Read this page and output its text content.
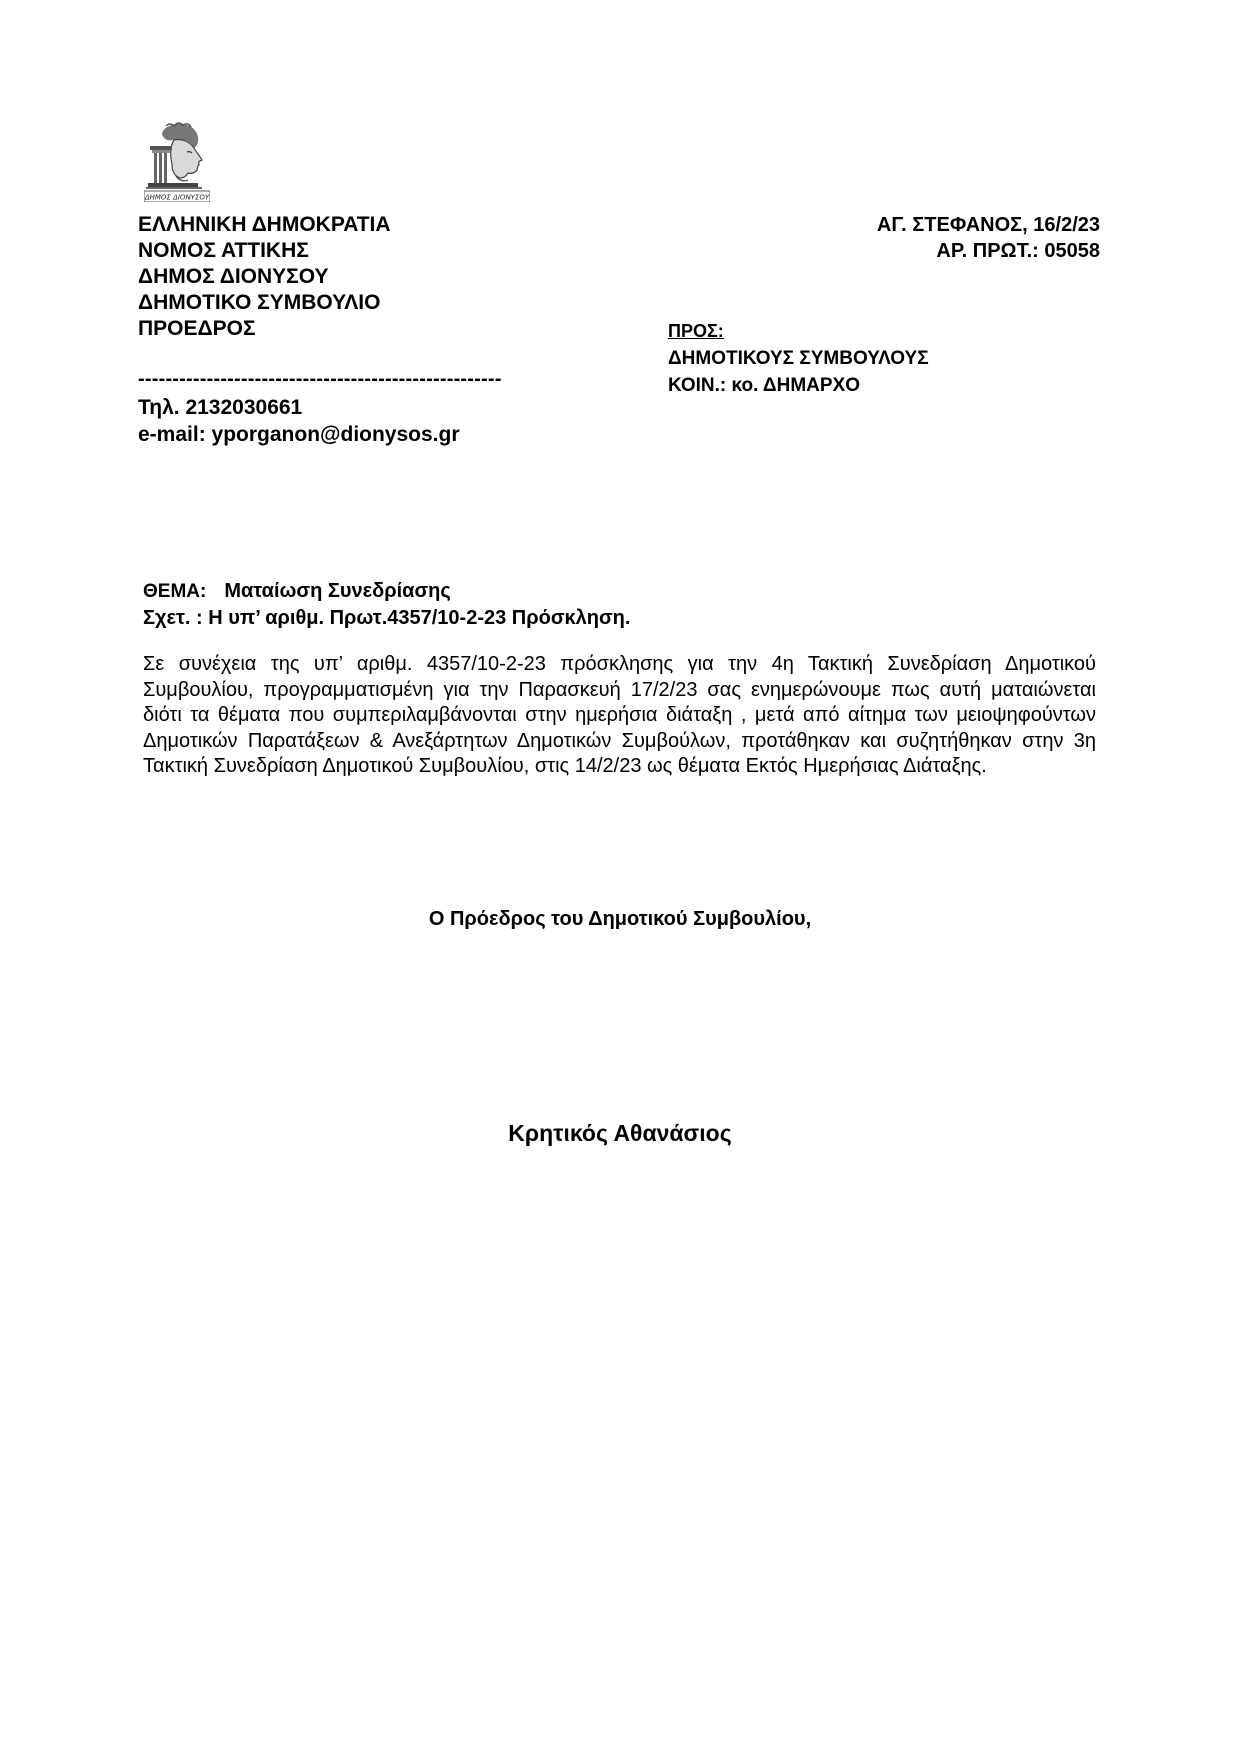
ΔΗΜΟΣ ΔΙΟΝΥΣΟΥ
ΕΛΛΗΝΙΚΗ ΔΗΜΟΚΡΑΤΙΑ
ΝΟΜΟΣ ΑΤΤΙΚΗΣ
ΔΗΜΟΣ ΔΙΟΝΥΣΟΥ
ΔΗΜΟΤΙΚΟ ΣΥΜΒΟΥΛΙΟ
ΠΡΟΕΔΡΟΣ
ΑΓ. ΣΤΕΦΑΝΟΣ, 16/2/23
ΑΡ. ΠΡΩΤ.: 05058
ΠΡΟΣ:
ΔΗΜΟΤΙΚΟΥΣ ΣΥΜΒΟΥΛΟΥΣ
ΚΟΙΝ.: κο. ΔΗΜΑΡΧΟ
-----------------------------------------------------
Τηλ. 2132030661
e-mail: yporganon@dionysos.gr
ΘΕΜΑ: Ματαίωση Συνεδρίασης
Σχετ. : Η υπ’ αριθμ. Πρωτ.4357/10-2-23 Πρόσκληση.
Σε συνέχεια της υπ’ αριθμ. 4357/10-2-23 πρόσκλησης για την 4η Τακτική Συνεδρίαση Δημοτικού Συμβουλίου, προγραμματισμένη για την Παρασκευή 17/2/23 σας ενημερώνουμε πως αυτή ματαιώνεται διότι τα θέματα που συμπεριλαμβάνονται στην ημερήσια διάταξη , μετά από αίτημα των μειοψηφούντων Δημοτικών Παρατάξεων & Ανεξάρτητων Δημοτικών Συμβούλων, προτάθηκαν και συζητήθηκαν στην 3η Τακτική Συνεδρίαση Δημοτικού Συμβουλίου, στις 14/2/23 ως θέματα Εκτός Ημερήσιας Διάταξης.
Ο Πρόεδρος του Δημοτικού Συμβουλίου,
Κρητικός Αθανάσιος
